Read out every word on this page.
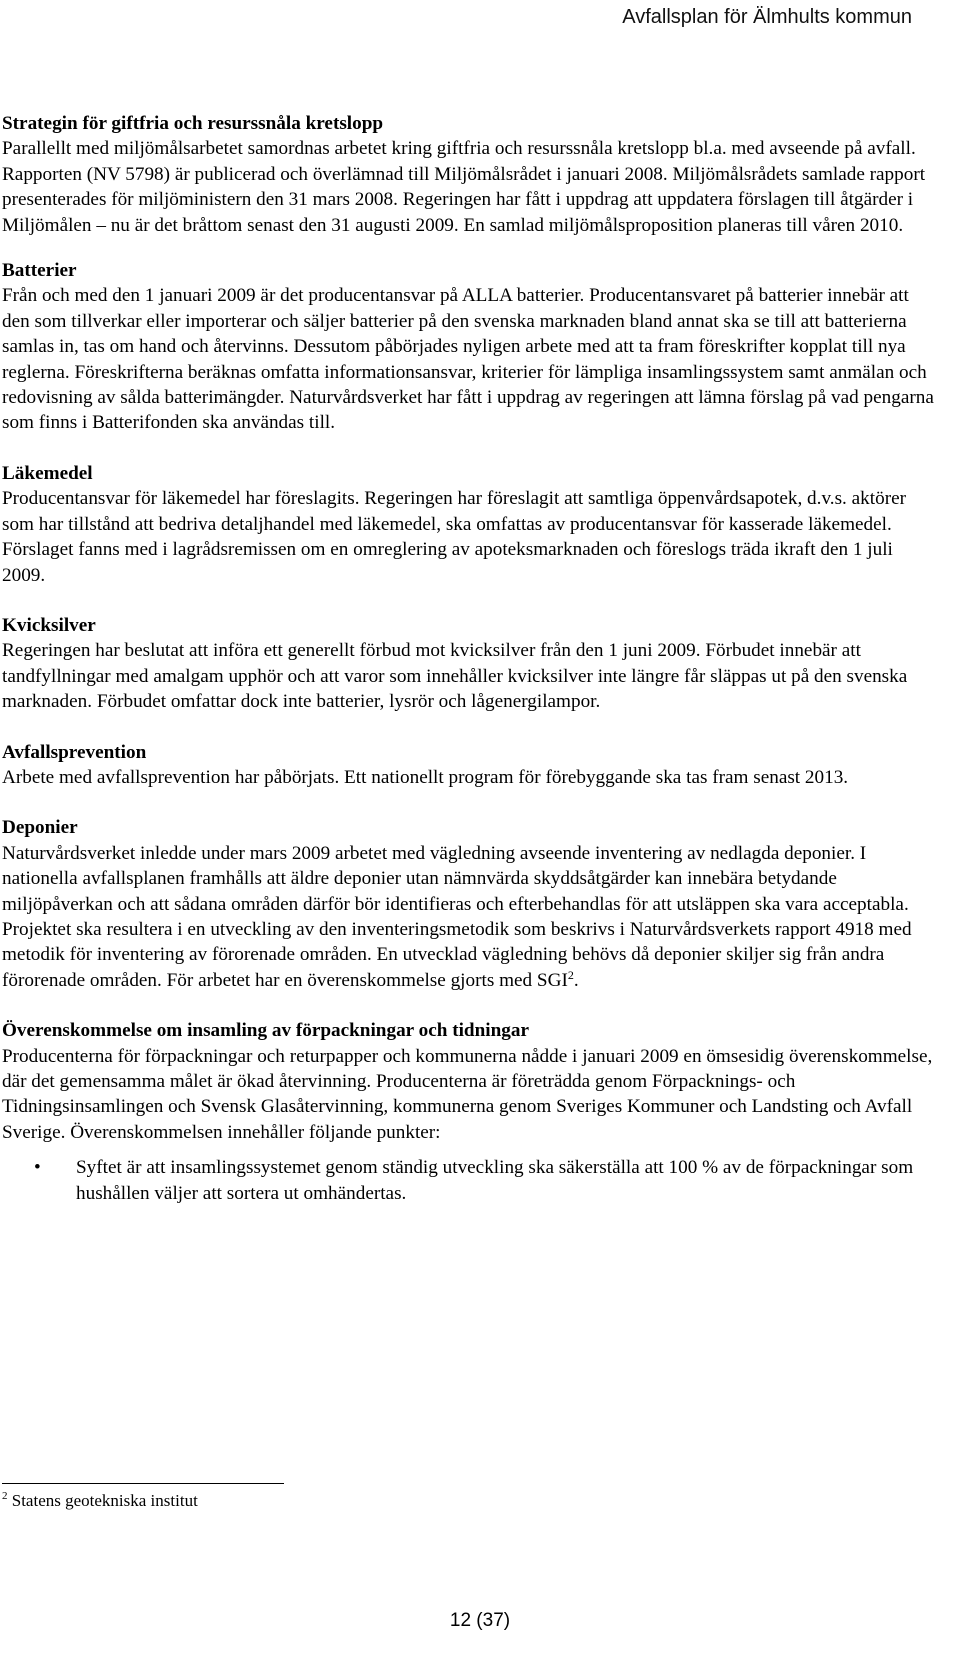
Avfallsplan för Älmhults kommun
Strategin för giftfria och resurssnåla kretslopp

Parallellt med miljömålsarbetet samordnas arbetet kring giftfria och resurssnåla kretslopp bl.a. med avseende på avfall. Rapporten (NV 5798) är publicerad och överlämnad till Miljömålsrådet i januari 2008. Miljömålsrådets samlade rapport presenterades för miljöministern den 31 mars 2008. Regeringen har fått i uppdrag att uppdatera förslagen till åtgärder i Miljömålen – nu är det bråttom senast den 31 augusti 2009. En samlad miljömålsproposition planeras till våren 2010.

Batterier

Från och med den 1 januari 2009 är det producentansvar på ALLA batterier. Producentansvaret på batterier innebär att den som tillverkar eller importerar och säljer batterier på den svenska marknaden bland annat ska se till att batterierna samlas in, tas om hand och återvinns. Dessutom påbörjades nyligen arbete med att ta fram föreskrifter kopplat till nya reglerna. Föreskrifterna beräknas omfatta informationsansvar, kriterier för lämpliga insamlingssystem samt anmälan och redovisning av sålda batterimängder. Naturvårdsverket har fått i uppdrag av regeringen att lämna förslag på vad pengarna som finns i Batterifonden ska användas till.

Läkemedel

Producentansvar för läkemedel har föreslagits. Regeringen har föreslagit att samtliga öppenvårdsapotek, d.v.s. aktörer som har tillstånd att bedriva detaljhandel med läkemedel, ska omfattas av producentansvar för kasserade läkemedel. Förslaget fanns med i lagrådsremissen om en omreglering av apoteksmarknaden och föreslogs träda ikraft den 1 juli 2009.

Kvicksilver

Regeringen har beslutat att införa ett generellt förbud mot kvicksilver från den 1 juni 2009. Förbudet innebär att tandfyllningar med amalgam upphör och att varor som innehåller kvicksilver inte längre får släppas ut på den svenska marknaden. Förbudet omfattar dock inte batterier, lysrör och lågenergilampor.

Avfallsprevention

Arbete med avfallsprevention har påbörjats. Ett nationellt program för förebyggande ska tas fram senast 2013.

Deponier

Naturvårdsverket inledde under mars 2009 arbetet med vägledning avseende inventering av nedlagda deponier. I nationella avfallsplanen framhålls att äldre deponier utan nämnvärda skyddsåtgärder kan innebära betydande miljöpåverkan och att sådana områden därför bör identifieras och efterbehandlas för att utsläppen ska vara acceptabla. Projektet ska resultera i en utveckling av den inventeringsmetodik som beskrivs i Naturvårdsverkets rapport 4918 med metodik för inventering av förorenade områden. En utvecklad vägledning behövs då deponier skiljer sig från andra förorenade områden. För arbetet har en överenskommelse gjorts med SGI$^2$.

Överenskommelse om insamling av förpackningar och tidningar

Producenterna för förpackningar och returpapper och kommunerna nådde i januari 2009 en ömsesidig överenskommelse, där det gemensamma målet är ökad återvinning. Producenterna är företrädda genom Förpacknings- och Tidningsinsamlingen och Svensk Glasåtervinning, kommunerna genom Sveriges Kommuner och Landsting och Avfall Sverige. Överenskommelsen innehåller följande punkter:

• Syftet är att insamlingssystemet genom ständig utveckling ska säkerställa att 100 % av de förpackningar som hushållen väljer att sortera ut omhändertas.
$^2$ Statens geotekniska institut
12 (37)
